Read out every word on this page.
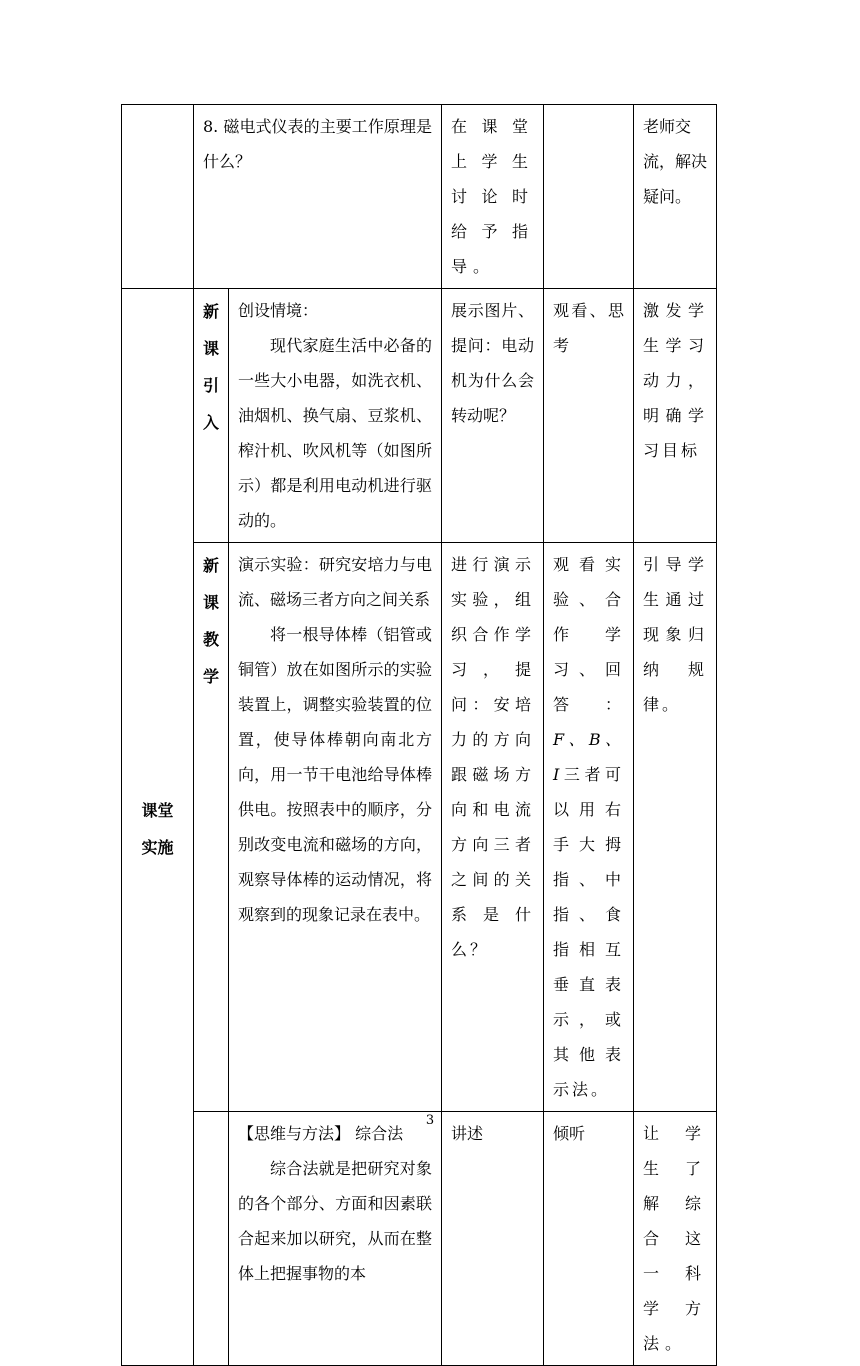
	8. 磁电式仪表的主要工作原理是什么？		在课堂上学生讨论时给予指导。		老师交流，解决疑问。

课堂实施	新课引入	创设情境：
现代家庭生活中必备的一些大小电器，如洗衣机、油烟机、换气扇、豆浆机、榨汁机、吹风机等（如图所示）都是利用电动机进行驱动的。	展示图片、提问：电动机为什么会转动呢？	观看、思考	激发学生学习动力，明确学习目标

	新课教学	演示实验：研究安培力与电流、磁场三者方向之间关系
将一根导体棒（铝管或铜管）放在如图所示的实验装置上，调整实验装置的位置，使导体棒朝向南北方向，用一节干电池给导体棒供电。按照表中的顺序，分别改变电流和磁场的方向，观察导体棒的运动情况，将观察到的现象记录在表中。	进行演示实验，组织合作学习，提问：安培力的方向跟磁场方向和电流方向三者之间的关系是什么？	观看实验、合作学习、回答：F、B、I三者可以用右手大拇指、中指、食指相互垂直表示，或其他表示法。	引导学生通过现象归纳规律。
		【思维与方法】 综合法
综合法就是把研究对象的各个部分、方面和因素联合起来加以研究，从而在整体上把握事物的本	讲述	倾听	让学生了解综合这一科学方法。
3
